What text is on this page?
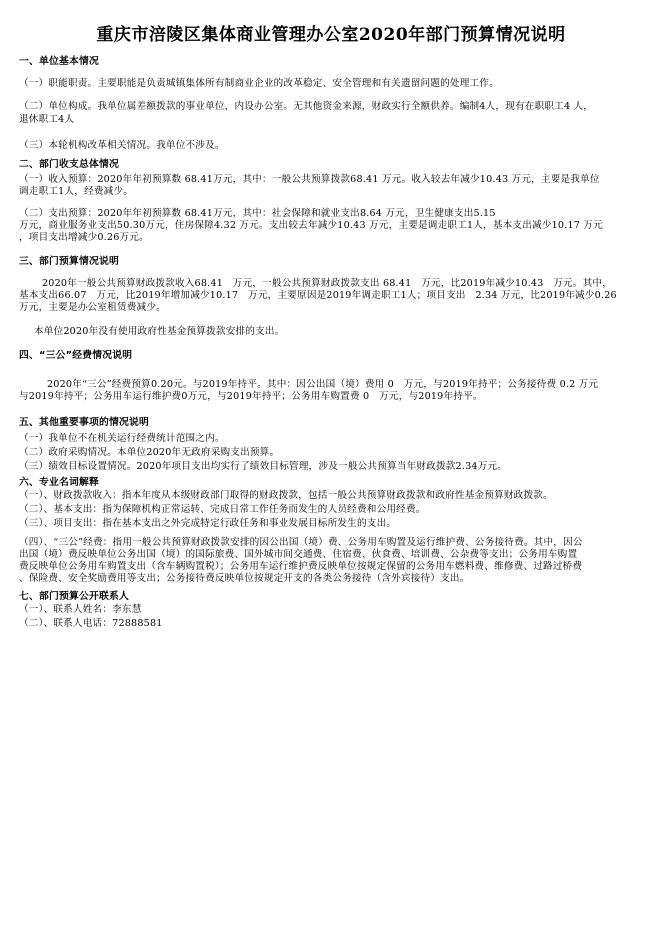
重庆市涪陵区集体商业管理办公室2020年部门预算情况说明
一、单位基本情况
（一）职能职责。主要职能是负责城镇集体所有制商业企业的改革稳定、安全管理和有关遗留问题的处理工作。
（二）单位构成。我单位属差额拨款的事业单位，内设办公室。无其他资金来源，财政实行全额供养。编制4人，现有在职职工4 人，
退休职工4人
（三）本轮机构改革相关情况。我单位不涉及。
二、部门收支总体情况
（一）收入预算：2020年年初预算数 68.41万元，其中：一般公共预算拨款68.41 万元。收入较去年减少10.43 万元，主要是我单位
调走职工1人，经费减少。
（二）支出预算：2020年年初预算数 68.41万元，其中：社会保障和就业支出8.64 万元，卫生健康支出5.15
万元，商业服务业支出50.30万元，住房保障4.32 万元。支出较去年减少10.43 万元，主要是调走职工1人，基本支出减少10.17 万元
，项目支出增减少0.26万元。
三、部门预算情况说明
2020年一般公共预算财政拨款收入68.41　万元，一般公共预算财政拨款支出 68.41　万元，比2019年减少10.43　万元。其中，
基本支出66.07　万元，比2019年增加减少10.17　万元，主要原因是2019年调走职工1人；项目支出　2.34 万元，比2019年减少0.26
万元，主要是办公室租赁费减少。
本单位2020年没有使用政府性基金预算拨款安排的支出。
四、“三公”经费情况说明
2020年“三公”经费预算0.20元。与2019年持平。其中：因公出国（境）费用 0　万元，与2019年持平；公务接待费 0.2 万元
与2019年持平；公务用车运行维护费0万元，与2019年持平；公务用车购置费 0　万元，与2019年持平。
五、其他重要事项的情况说明
（一）我单位不在机关运行经费统计范围之内。
（二）政府采购情况。本单位2020年无政府采购支出预算。
（三）绩效目标设置情况。2020年项目支出均实行了绩效目标管理，涉及一般公共预算当年财政拨款2.34万元。
六、专业名词解释
（一）、财政拨款收入：指本年度从本级财政部门取得的财政拨款，包括一般公共预算财政拨款和政府性基金预算财政拨款。
（二）、基本支出：指为保障机构正常运转、完成日常工作任务而发生的人员经费和公用经费。
（三）、项目支出：指在基本支出之外完成特定行政任务和事业发展目标所发生的支出。
（四）、“三公”经费：指用一般公共预算财政拨款安排的因公出国（境）费、公务用车购置及运行维护费、公务接待费。其中，因公
出国（境）费反映单位公务出国（境）的国际旅费、国外城市间交通费、住宿费、伙食费、培训费、公杂费等支出；公务用车购置
费反映单位公务用车购置支出（含车辆购置税）；公务用车运行维护费反映单位按规定保留的公务用车燃料费、维修费、过路过桥费
、保险费、安全奖励费用等支出；公务接待费反映单位按规定开支的各类公务接待（含外宾接待）支出。
七、部门预算公开联系人
（一）、联系人姓名：李东慧
（二）、联系人电话：72888581
